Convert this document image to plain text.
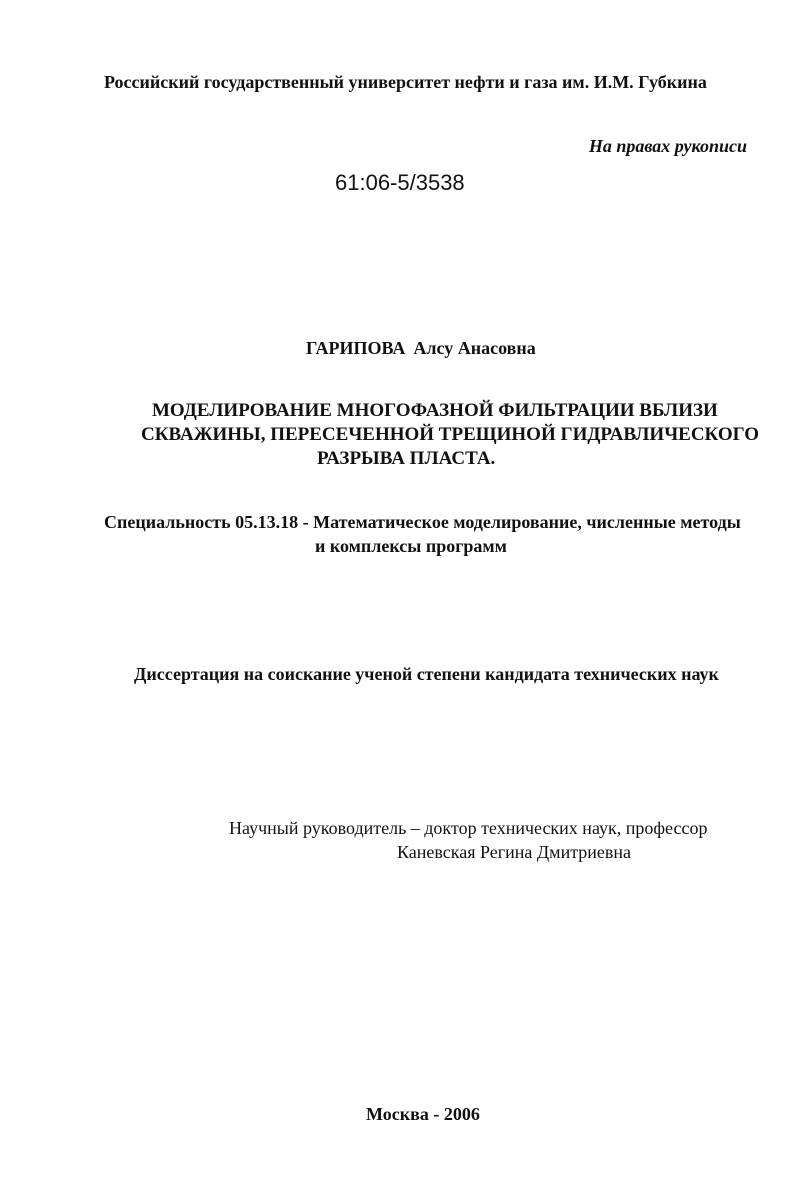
Российский государственный университет нефти и газа им. И.М. Губкина

На правах рукописи

61:06-5/3538

ГАРИПОВА Алсу Анасовна

МОДЕЛИРОВАНИЕ МНОГОФАЗНОЙ ФИЛЬТРАЦИИ ВБЛИЗИ

СКВАЖИНЫ, ПЕРЕСЕЧЕННОЙ ТРЕЩИНОЙ ГИДРАВЛИЧЕСКОГО

РАЗРЫВА ПЛАСТА.

Специальность 05.13.18 - Математическое моделирование, численные методы

и комплексы программ

Диссертация на соискание ученой степени кандидата технических наук

Научный руководитель – доктор технических наук, профессор

Каневская Регина Дмитриевна

Москва - 2006
